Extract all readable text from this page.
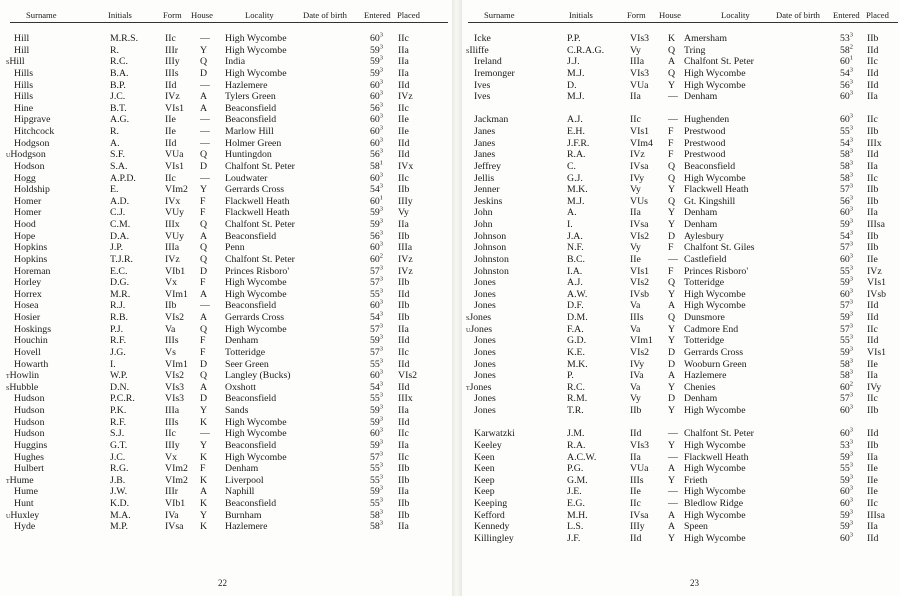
Surname	Initials	Form House	Locality	Date of birth Entered Placed
Hill	M.R.S.	IIc — High Wycombe	$60^3$ IIc
Hill	R.	IIIr Y High Wycombe	$59^3$ IIa
sHill	R.C.	IIIy Q India	$59^3$ IIa
Hills	B.A.	IIIs D High Wycombe	$59^3$ IIa
Hills	B.P.	IId — Hazlemere	$60^3$ IId
Hills	J.C.	IVz A Tylers Green	$60^3$ IVz
Hine	B.T.	VIs1 A Beaconsfield	$56^3$ IIc
Hipgrave	A.G.	IIe — Beaconsfield	$60^3$ IIe
Hitchcock	R.	IIe — Marlow Hill	$60^3$ IIe
Hodgson	A.	IId — Holmer Green	$60^3$ IId
uHodgson	S.F.	VUa Q Huntingdon	$56^3$ IId
Hodson	S.A.	VIs1 D Chalfont St. Peter	$58^1$ IVx
Hogg	A.P.D.	IIc — Loudwater	$60^3$ IIc
Holdship	E.	VIm2 Y Gerrards Cross	$54^3$ IIb
Homer	A.D.	IVx F Flackwell Heath	$60^1$ IIIy
Homer	C.J.	VUy F Flackwell Heath	$59^3$ Vy
Hood	C.M.	IIIx Q Chalfont St. Peter	$59^3$ IIa
Hope	D.A.	VUy A Beaconsfield	$56^3$ IIb
Hopkins	J.P.	IIIa Q Penn	$60^3$ IIIa
Hopkins	T.J.R.	IVz Q Chalfont St. Peter	$60^2$ IVz
Horeman	E.C.	VIb1 D Princes Risboro'	$57^3$ IVz
Horley	D.G.	Vx F High Wycombe	$57^3$ IIb
Horrex	M.R.	VIm1 A High Wycombe	$55^3$ IId
Hosea	R.J.	IIb — Beaconsfield	$60^3$ IIb
Hosier	R.B.	VIs2 A Gerrards Cross	$54^3$ IIb
Hoskings	P.J.	Va	Q High Wycombe	$57^3$ IIa
Houchin	R.F.	IIIs F Denham	$59^3$ IId
Hovell	J.G.	Vs F Totteridge	$57^3$ IIc
Howarth	I.	VIm1 D Seer Green	$55^3$ IId
tHowlin	W.P.	VIs2 Q Langley (Bucks)	$60^3$ VIs2
sHubble	D.N.	VIs3 A Oxshott	$54^3$ IId
Hudson	P.C.R.	VIs3 D Beaconsfield	$55^3$ IIIx
Hudson	P.K.	IIIa Y Sands	$59^3$ IIa
Hudson	R.F.	IIIs K High Wycombe	$59^3$ IId
Hudson	S.J.	IIc — High Wycombe	$60^3$ IIc
Huggins	G.T.	IIIy Y Beaconsfield	$59^3$ IIa
Hughes	J.C.	Vx K High Wycombe	$57^3$ IIc
Hulbert	R.G.	VIm2 F Denham	$55^3$ IIb
tHume	J.B.	VIm2 K Liverpool	$55^3$ IIb
Hume	J.W.	IIIr A Naphill	$59^3$ IIa
Hunt	K.D.	VIb1 K Beaconsfield	$55^3$ IIb
uHuxley	M.A.	IVa Y Burnham	$58^3$ IIb
Hyde	M.P.	IVsa K Hazlemere	$58^3$ IIa
22
Surname	Initials	Form House	Locality	Date of birth Entered Placed
Icke	P.P.	VIs3 K Amersham	$53^3$ IIb
sIliffe	C.R.A.G.	Vy	Q Tring	$58^2$ IId
Ireland	J.J.	IIIa A Chalfont St. Peter	$60^1$ IIc
Iremonger	M.J.	VIs3 Q High Wycombe	$54^3$ IId
Ives	D.	VUa Y High Wycombe	$56^3$ IId
Ives	M.J.	IIa	— Denham	$60^3$ IIa
Jackman	A.J.	IIc	— Hughenden	$60^3$ IIc
Janes	E.H.	VIs1 F Prestwood	$55^3$ IIb
Janes	J.F.R.	VIm4 F Prestwood	$54^3$ IIIx
Janes	R.A.	IVz F Prestwood	$58^3$ IId
Jeffrey	C.	IVsa Q Beaconsfield	$58^3$ IIa
Jellis	G.J.	IVy Q High Wycombe	$58^3$ IIc
Jenner	M.K.	Vy	Y Flackwell Heath	$57^3$ IIb
Jeskins	M.J.	VUs Q Gt. Kingshill	$56^3$ IIb
John	A.	IIa	Y Denham	$60^3$ IIa
John	I.	IVsa Y Denham	$59^3$ IIIsa
Johnson	J.A.	VIs2 D Aylesbury	$54^3$ IIb
Johnson	N.F.	Vy	F Chalfont St. Giles	$57^3$ IIb
Johnston	B.C.	IIe	— Castlefield	$60^3$ IIe
Johnston	I.A.	VIs1 F Princes Risboro'	$55^3$ IVz
Jones	A.J.	VIs2 Q Totteridge	$59^3$ VIs1
Jones	A.W.	IVsb Y High Wycombe	$60^3$ IVsb
Jones	D.F.	Va	A High Wycombe	$57^3$ IId
sJones	D.M.	IIIs Q Dunsmore	$59^3$ IId
uJones	F.A.	Va	Y Cadmore End	$57^3$ IIc
Jones	G.D.	VIm1 Y Totteridge	$55^3$ IId
Jones	K.E.	VIs2 D Gerrards Cross	$59^3$ VIs1
Jones	M.K.	IVy D Wooburn Green	$58^3$ IIe
Jones	P.	IVa A Hazlemere	$58^3$ IIa
tJones	R.C.	Va	Y Chenies	$60^2$ IVy
Jones	R.M.	Vy	D Denham	$57^3$ IIc
Jones	T.R.	IIb	Y High Wycombe	$60^3$ IIb
Karwatzki	J.M.	IId	— Chalfont St. Peter	$60^3$ IId
Keeley	R.A.	VIs3 Y High Wycombe	$53^3$ IIb
Keen	A.C.W.	IIa	— Flackwell Heath	$59^3$ IIa
Keen	P.G.	VUa A High Wycombe	$55^3$ IIe
Keep	G.M.	IIIs Y Frieth	$59^3$ IIe
Keep	J.E.	IIe	— High Wycombe	$60^3$ IIe
Keeping	E.G.	IIc	— Bledlow Ridge	$60^3$ IIc
Kefford	M.H.	IVsa A High Wycombe	$59^3$ IIIsa
Kennedy	L.S.	IIIy A Speen	$59^3$ IIa
Killingley	J.F.	IId	Y High Wycombe	$60^3$ IId
23
